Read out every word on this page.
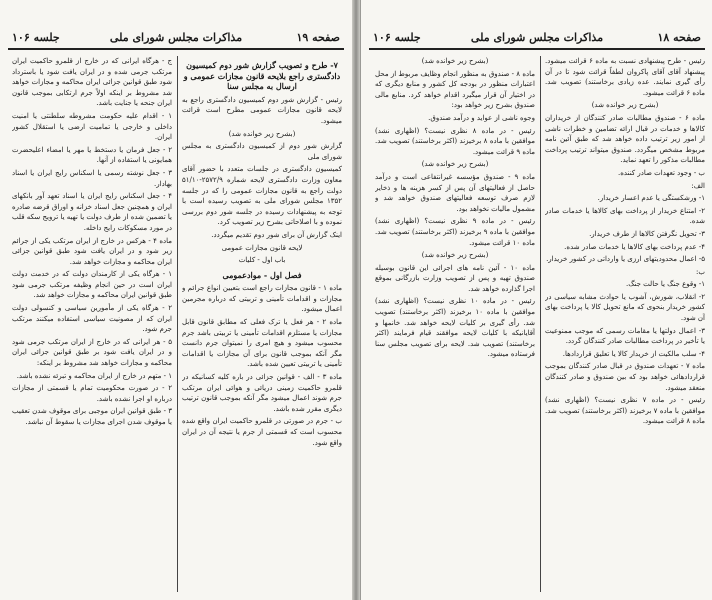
صفحه ۱۹
مذاکرات مجلس شورای ملی
جلسه ۱۰۶
۷- طرح و تصویب گزارش شور دوم کمیسیون دادگستری راجع بلایحه قانون مجازات عمومی و ارسال به مجلس سنا
رئیس - گزارش شور دوم کمیسیون دادگستری راجع به لایحه قانون مجازات عمومی مطرح است قرائت میشود.
(بشرح زیر خوانده شد)
گزارش شور دوم از کمیسیون دادگستری به مجلس شورای ملی
کمیسیون دادگستری در جلسات متعدد با حضور آقای معاون وزارت دادگستری لایحه شماره ۲۵۷۲/۹-۵۱/۱۰ دولت راجع به قانون مجازات عمومی را که در جلسه ۱۳۵۲ مجلس شورای ملی به تصویب رسیده است با توجه به پیشنهادات رسیده در جلسه شور دوم بررسی نموده و با اصلاحاتی بشرح زیر تصویب کرد.
اینک گزارش آن برای شور دوم تقدیم میگردد.
لایحه قانون مجازات عمومی
باب اول - کلیات
فصل اول - موادعمومی
ماده ۱ - قانون مجازات راجع است بتعیین انواع جرائم و مجازات و اقدامات تأمینی و تربیتی که درباره مجرمین اعمال میشود.
ماده ۲ - هر فعل یا ترک فعلی که مطابق قانون قابل مجازات یا مستلزم اقدامات تأمینی یا تربیتی باشد جرم محسوب میشود و هیچ امری را نمیتوان جرم دانست مگر آنکه بموجب قانون برای آن مجازات یا اقدامات تأمینی یا تربیتی تعیین شده باشد.
ماده ۳ - الف - قوانین جزائی در باره کلیه کسانیکه در قلمرو حاکمیت زمینی دریائی و هوائی ایران مرتکب جرم شوند اعمال میشود مگر آنکه بموجب قانون ترتیب دیگری مقرر شده باشد.
ب - جرم در صورتی در قلمرو حاکمیت ایران واقع شده محسوب است که قسمتی از جرم یا نتیجه آن در ایران واقع شود.
ج - هرگاه ایرانی که در خارج از قلمرو حاکمیت ایران مرتکب جرمی شده و در ایران یافت شود یا باسترداد شود طبق قوانین جزائی ایران محاکمه و مجازات خواهد شد مشروط بر اینکه اولاً جرم ارتکابی بموجب قانون ایران جنحه یا جنایت باشد.
۱ - اقدام علیه حکومت مشروطه سلطنتی یا امنیت داخلی و خارجی یا تمامیت ارضی یا استقلال کشور ایران.
۲ - جعل فرمان یا دستخط یا مهر یا امضاء اعلیحضرت همایونی یا استفاده از آنها.
۳ - جعل نوشته رسمی یا اسکناس رایج ایران یا اسناد بهادار.
۴ - جعل اسکناس رایج ایران یا اسناد تعهد آور بانکهای ایران و همچنین جعل اسناد خزانه و اوراق قرضه صادره یا تضمین شده از طرف دولت یا تهیه یا ترویج سکه قلب در مورد مسکوکات رایج داخله.
ماده ۴ - هرکس در خارج از ایران مرتکب یکی از جرائم زیر شود و در ایران یافت شود طبق قوانین جزائی ایران محاکمه و مجازات خواهد شد.
۱ - هرگاه یکی از کارمندان دولت که در خدمت دولت ایران است در حین انجام وظیفه مرتکب جرمی شود طبق قوانین ایران محاکمه و مجازات خواهد شد.
۲ - هرگاه یکی از مأمورین سیاسی و کنسولی دولت ایران که از مصونیت سیاسی استفاده میکنند مرتکب جرم شود.
۵ - هر ایرانی که در خارج از ایران مرتکب جرمی شود و در ایران یافت شود بر طبق قوانین جزائی ایران محاکمه و مجازات خواهد شد مشروط بر اینکه:
۱ - متهم در خارج از ایران محاکمه و تبرئه نشده باشد.
۲ - در صورت محکومیت تمام یا قسمتی از مجازات درباره او اجرا نشده باشد.
۳ - طبق قوانین ایران موجبی برای موقوف شدن تعقیب یا موقوف شدن اجرای مجازات یا سقوط آن نباشد.
صفحه ۱۸
مذاکرات مجلس شورای ملی
جلسه ۱۰۶
رئیس - طرح پیشنهادی نسبت به ماده ۶ قرائت میشود. پیشنهاد آقای آقای پاکروان لطفاً قرائت شود تا در آن رأی گیری نمایند. عده زیادی برخاستند) تصویب شد. ماده ۶ قرائت میشود.
(بشرح زیر خوانده شد)
ماده ۶ - صندوق مطالبات صادر کنندگان از خریداران کالاها و خدمات در قبال ارائه تضامین و خطرات ناشی از امور زیر ترتیب داده خواهد شد که طبق آئین نامه مربوط مشخص میگردد. صندوق میتواند ترتیب پرداخت مطالبات مذکور را تعهد نماید.
ب - وجود تعهدات صادر کننده.
الف:
۱- ورشکستگی یا عدم اعسار خریدار.
۲- امتناع خریدار از پرداخت بهای کالاها یا خدمات صادر شده.
۳- تحویل نگرفتن کالاها از طرف خریدار.
۴- عدم پرداخت بهای کالاها یا خدمات صادر شده.
۵- اعمال محدودیتهای ارزی یا وارداتی در کشور خریدار.
ب:
۱- وقوع جنگ یا حالت جنگ.
۲- انقلاب، شورش، آشوب یا حوادث مشابه سیاسی در کشور خریدار بنحوی که مانع تحویل کالا یا پرداخت بهای آن شود.
۳- اعمال دولتها یا مقامات رسمی که موجب ممنوعیت یا تأخیر در پرداخت مطالبات صادر کنندگان گردد.
۴- سلب مالکیت از خریدار کالا یا تعلیق قراردادها.
ماده ۷ - تعهدات صندوق در قبال صادر کنندگان بموجب قراردادهائی خواهد بود که بین صندوق و صادر کنندگان منعقد میشود.
رئیس - در ماده ۷ نظری نیست؟ (اظهاری نشد) موافقین با ماده ۷ برخیزند (اکثر برخاستند) تصویب شد. ماده ۸ قرائت میشود.
(بشرح زیر خوانده شد)
ماده ۸ - صندوق به منظور انجام وظایف مربوط از محل اعتبارات منظور در بودجه کل کشور و منابع دیگری که در اختیار آن قرار میگیرد اقدام خواهد کرد. منابع مالی صندوق بشرح زیر خواهد بود:
وجوه ناشی از عواید و درآمد صندوق.
رئیس - در ماده ۸ نظری نیست؟ (اظهاری نشد) موافقین با ماده ۸ برخیزند (اکثر برخاستند) تصویب شد. ماده ۹ قرائت میشود.
(بشرح زیر خوانده شد)
ماده ۹ - صندوق مؤسسه غیرانتفاعی است و درآمد حاصل از فعالیتهای آن پس از کسر هزینه ها و ذخایر لازم صرف توسعه فعالیتهای صندوق خواهد شد و مشمول مالیات نخواهد بود.
رئیس - در ماده ۹ نظری نیست؟ (اظهاری نشد) موافقین با ماده ۹ برخیزند (اکثر برخاستند) تصویب شد. ماده ۱۰ قرائت میشود.
(بشرح زیر خوانده شد)
ماده ۱۰ - آئین نامه های اجرائی این قانون بوسیله صندوق تهیه و پس از تصویب وزارت بازرگانی بموقع اجرا گذارده خواهد شد.
رئیس - در ماده ۱۰ نظری نیست؟ (اظهاری نشد) موافقین با ماده ۱۰ برخیزند (اکثر برخاستند) تصویب شد. رأی گیری بر کلیات لایحه خواهد شد. خانمها و آقایانیکه با کلیات لایحه موافقند قیام فرمایند (اکثر برخاستند) تصویب شد. لایحه برای تصویب مجلس سنا فرستاده میشود.
